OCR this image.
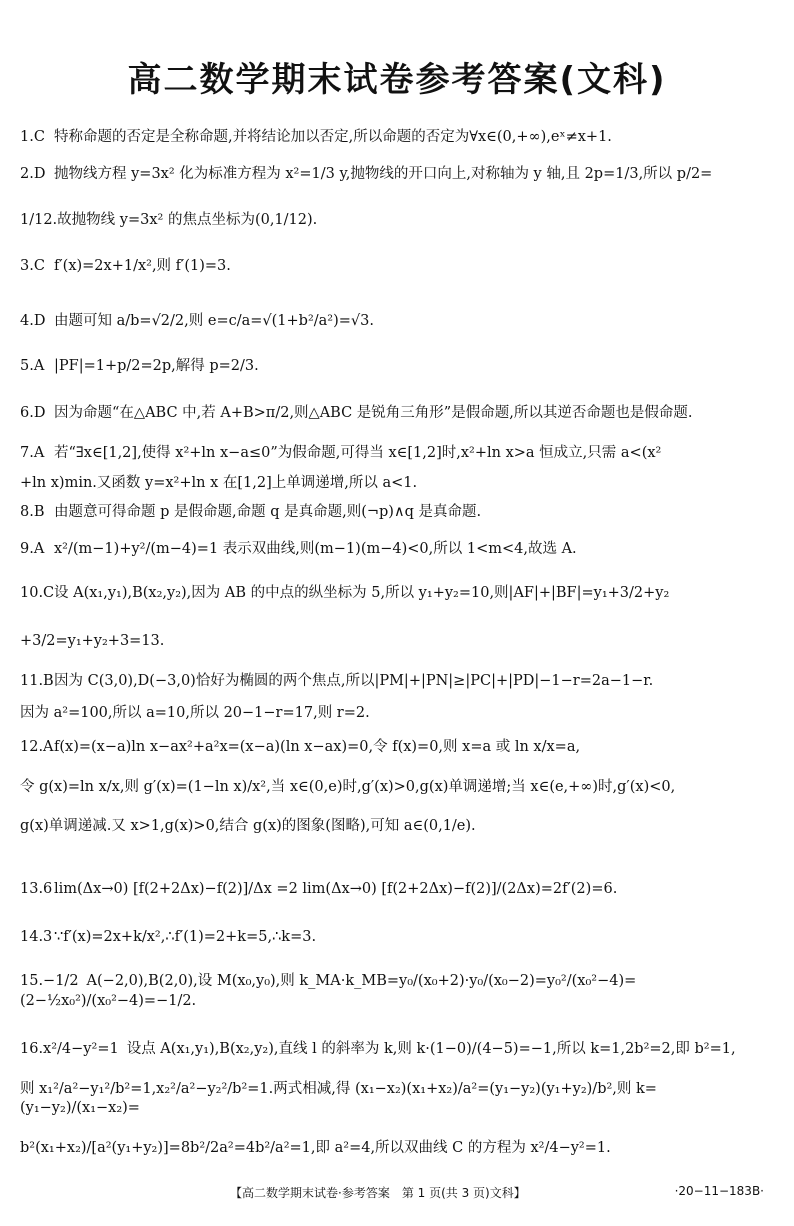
高二数学期末试卷参考答案(文科)
1.C 特称命题的否定是全称命题,并将结论加以否定,所以命题的否定为∀x∈(0,+∞),eˣ≠x+1.
2.D 抛物线方程 y=3x² 化为标准方程为 x²=1/3 y,抛物线的开口向上,对称轴为 y 轴,且 2p=1/3,所以 p/2=
1/12.故抛物线 y=3x² 的焦点坐标为(0,1/12).
3.C f′(x)=2x+1/x²,则 f′(1)=3.
4.D 由题可知 a/b=√2/2,则 e=c/a=√(1+b²/a²)=√3.
5.A |PF|=1+p/2=2p,解得 p=2/3.
6.D 因为命题“在△ABC 中,若 A+B>π/2,则△ABC 是锐角三角形”是假命题,所以其逆否命题也是假命题.
7.A 若“∃x∈[1,2],使得 x²+ln x−a≤0”为假命题,可得当 x∈[1,2]时,x²+ln x>a 恒成立,只需 a<(x²
+ln x)min.又函数 y=x²+ln x 在[1,2]上单调递增,所以 a<1.
8.B 由题意可得命题 p 是假命题,命题 q 是真命题,则(¬p)∧q 是真命题.
9.A x²/(m−1)+y²/(m−4)=1 表示双曲线,则(m−1)(m−4)<0,所以 1<m<4,故选 A.
10.C设 A(x₁,y₁),B(x₂,y₂),因为 AB 的中点的纵坐标为 5,所以 y₁+y₂=10,则|AF|+|BF|=y₁+3/2+y₂
+3/2=y₁+y₂+3=13.
11.B因为 C(3,0),D(−3,0)恰好为椭圆的两个焦点,所以|PM|+|PN|≥|PC|+|PD|−1−r=2a−1−r.
因为 a²=100,所以 a=10,所以 20−1−r=17,则 r=2.
12.Af(x)=(x−a)ln x−ax²+a²x=(x−a)(ln x−ax)=0,令 f(x)=0,则 x=a 或 ln x/x=a,
令 g(x)=ln x/x,则 g′(x)=(1−ln x)/x²,当 x∈(0,e)时,g′(x)>0,g(x)单调递增;当 x∈(e,+∞)时,g′(x)<0,
g(x)单调递减.又 x>1,g(x)>0,结合 g(x)的图象(图略),可知 a∈(0,1/e).
13.6 lim(Δx→0) [f(2+2Δx)−f(2)]/Δx =2 lim(Δx→0) [f(2+2Δx)−f(2)]/(2Δx)=2f′(2)=6.
14.3 ∵f′(x)=2x+k/x²,∴f′(1)=2+k=5,∴k=3.
15.−1/2 A(−2,0),B(2,0),设 M(x₀,y₀),则 k_MA·k_MB=y₀/(x₀+2)·y₀/(x₀−2)=y₀²/(x₀²−4)=(2−½x₀²)/(x₀²−4)=−1/2.
16.x²/4−y²=1 设点 A(x₁,y₁),B(x₂,y₂),直线 l 的斜率为 k,则 k·(1−0)/(4−5)=−1,所以 k=1,2b²=2,即 b²=1,
则 x₁²/a²−y₁²/b²=1,x₂²/a²−y₂²/b²=1.两式相减,得 (x₁−x₂)(x₁+x₂)/a²=(y₁−y₂)(y₁+y₂)/b²,则 k=(y₁−y₂)/(x₁−x₂)=
b²(x₁+x₂)/[a²(y₁+y₂)]=8b²/2a²=4b²/a²=1,即 a²=4,所以双曲线 C 的方程为 x²/4−y²=1.
【高二数学期末试卷·参考答案　第 1 页(共 3 页)文科】	·20−11−183B·
